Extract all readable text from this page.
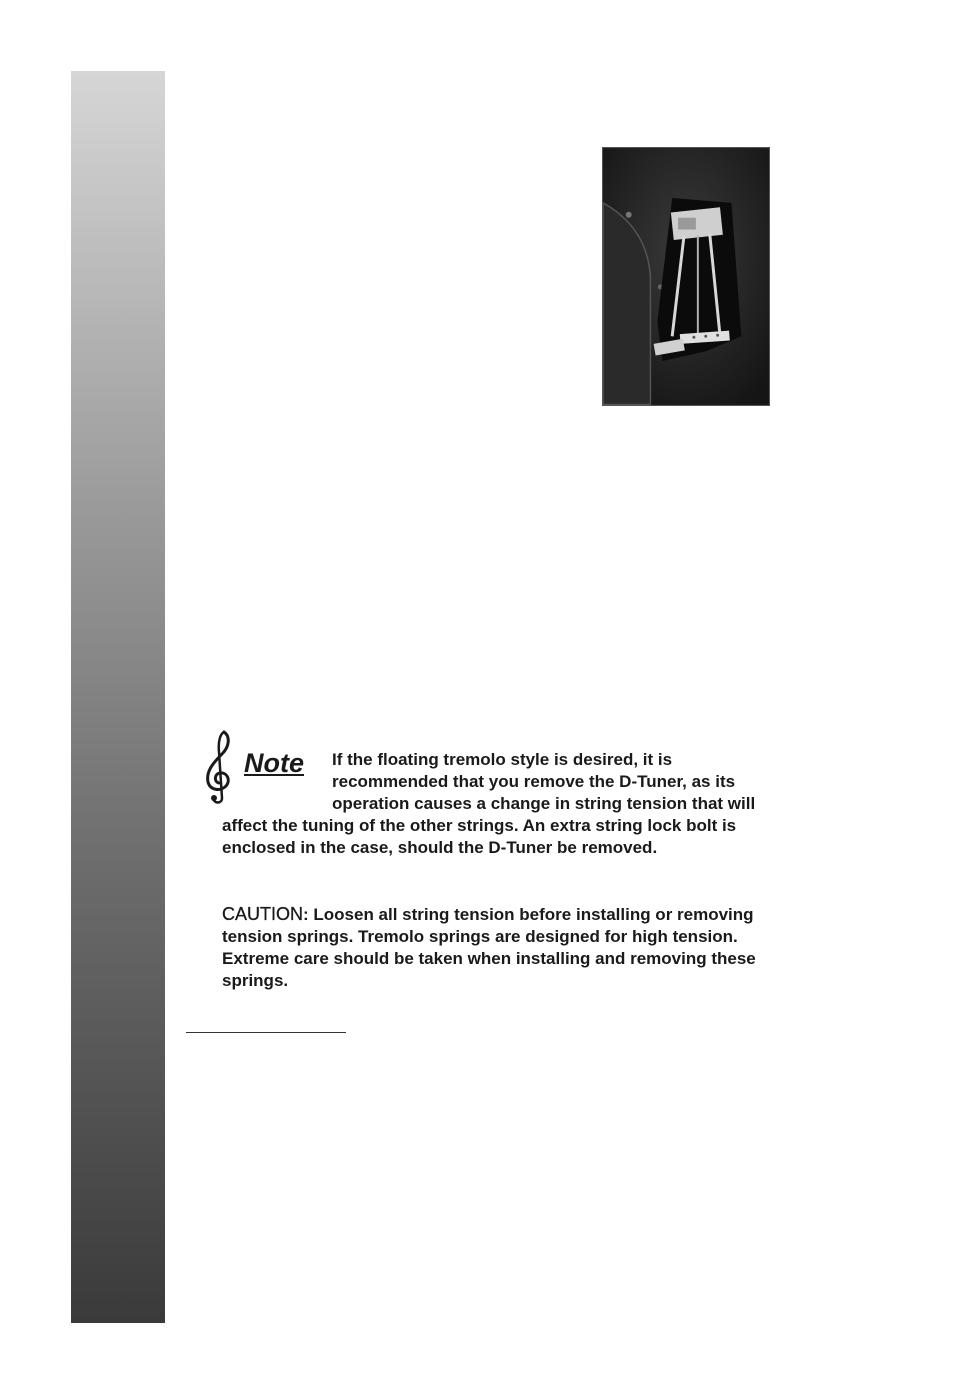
Note	If the floating tremolo style is desired, it is recommended that you remove the D-Tuner, as its operation causes a change in string tension that will affect the tuning of the other strings. An extra string lock bolt is enclosed in the case, should the D-Tuner be removed.

CAUTION: Loosen all string tension before installing or removing tension springs. Tremolo springs are designed for high tension. Extreme care should be taken when installing and removing these springs.
